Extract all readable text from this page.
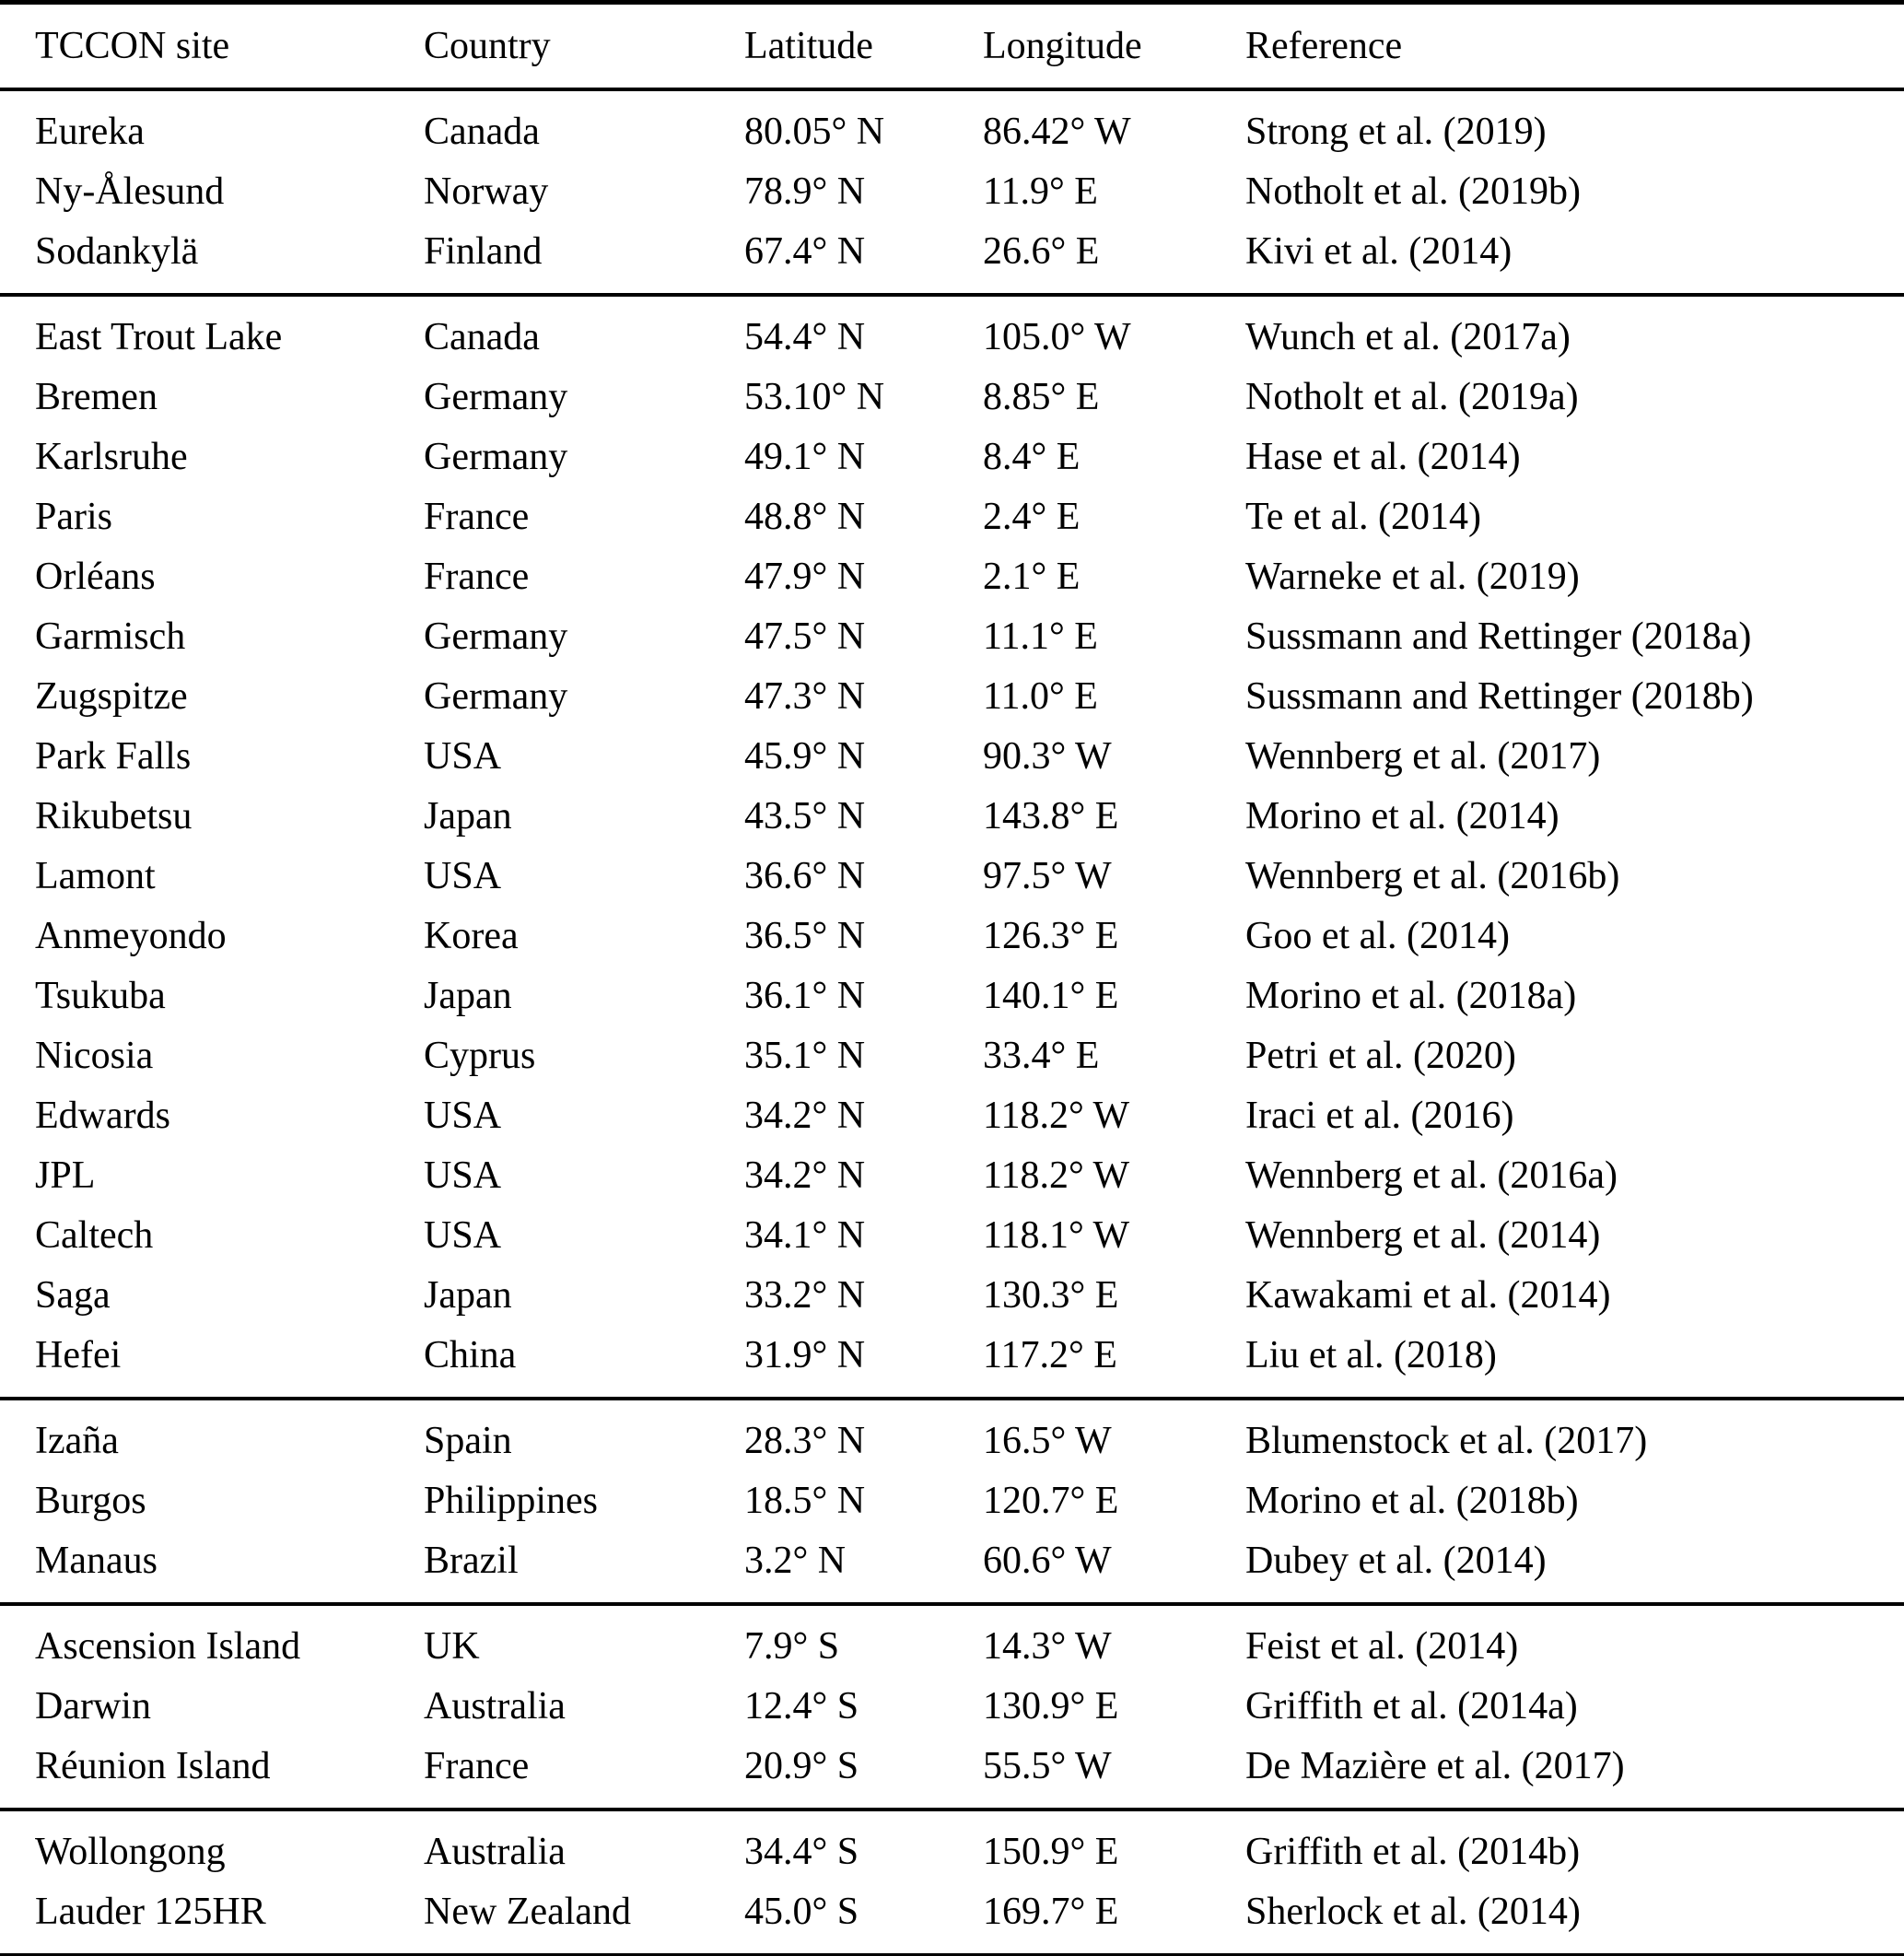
TCCON site	Country	Latitude	Longitude	Reference
Eureka	Canada	80.05° N	86.42° W	Strong et al. (2019)
Ny-Ålesund	Norway	78.9° N	11.9° E	Notholt et al. (2019b)
Sodankylä	Finland	67.4° N	26.6° E	Kivi et al. (2014)
East Trout Lake	Canada	54.4° N	105.0° W	Wunch et al. (2017a)
Bremen	Germany	53.10° N	8.85° E	Notholt et al. (2019a)
Karlsruhe	Germany	49.1° N	8.4° E	Hase et al. (2014)
Paris	France	48.8° N	2.4° E	Te et al. (2014)
Orléans	France	47.9° N	2.1° E	Warneke et al. (2019)
Garmisch	Germany	47.5° N	11.1° E	Sussmann and Rettinger (2018a)
Zugspitze	Germany	47.3° N	11.0° E	Sussmann and Rettinger (2018b)
Park Falls	USA	45.9° N	90.3° W	Wennberg et al. (2017)
Rikubetsu	Japan	43.5° N	143.8° E	Morino et al. (2014)
Lamont	USA	36.6° N	97.5° W	Wennberg et al. (2016b)
Anmeyondo	Korea	36.5° N	126.3° E	Goo et al. (2014)
Tsukuba	Japan	36.1° N	140.1° E	Morino et al. (2018a)
Nicosia	Cyprus	35.1° N	33.4° E	Petri et al. (2020)
Edwards	USA	34.2° N	118.2° W	Iraci et al. (2016)
JPL	USA	34.2° N	118.2° W	Wennberg et al. (2016a)
Caltech	USA	34.1° N	118.1° W	Wennberg et al. (2014)
Saga	Japan	33.2° N	130.3° E	Kawakami et al. (2014)
Hefei	China	31.9° N	117.2° E	Liu et al. (2018)
Izaña	Spain	28.3° N	16.5° W	Blumenstock et al. (2017)
Burgos	Philippines	18.5° N	120.7° E	Morino et al. (2018b)
Manaus	Brazil	3.2° N	60.6° W	Dubey et al. (2014)
Ascension Island	UK	7.9° S	14.3° W	Feist et al. (2014)
Darwin	Australia	12.4° S	130.9° E	Griffith et al. (2014a)
Réunion Island	France	20.9° S	55.5° W	De Mazière et al. (2017)
Wollongong	Australia	34.4° S	150.9° E	Griffith et al. (2014b)
Lauder 125HR	New Zealand	45.0° S	169.7° E	Sherlock et al. (2014)
